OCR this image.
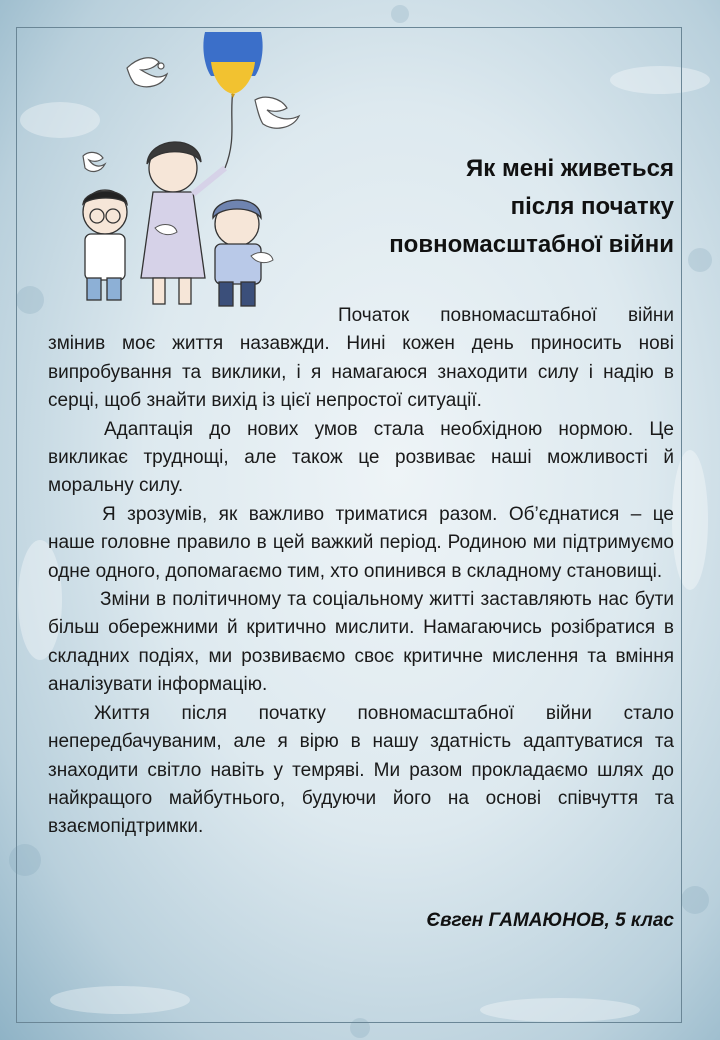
Як мені живеться
після початку
повномасштабної війни

Початок повномасштабної війни змінив моє життя назавжди. Нині кожен день приносить нові випробування та виклики, і я намагаюся знаходити силу і надію в серці, щоб знайти вихід із цієї непростої ситуації.

Адаптація до нових умов стала необхідною нормою. Це викликає труднощі, але також це розвиває наші можливості й моральну силу.

Я зрозумів, як важливо триматися разом. Об’єднатися – це наше головне правило в цей важкий період. Родиною ми підтримуємо одне одного, допомагаємо тим, хто опинився в складному становищі.

Зміни в політичному та соціальному житті заставляють нас бути більш обережними й критично мислити. Намагаючись розібратися в складних подіях, ми розвиваємо своє критичне мислення та вміння аналізувати інформацію.

Життя після початку повномасштабної війни стало непередбачуваним, але я вірю в нашу здатність адаптуватися та знаходити світло навіть у темряві. Ми разом прокладаємо шлях до найкращого майбутнього, будуючи його на основі співчуття та взаємопідтримки.

Євген ГАМАЮНОВ, 5 клас
